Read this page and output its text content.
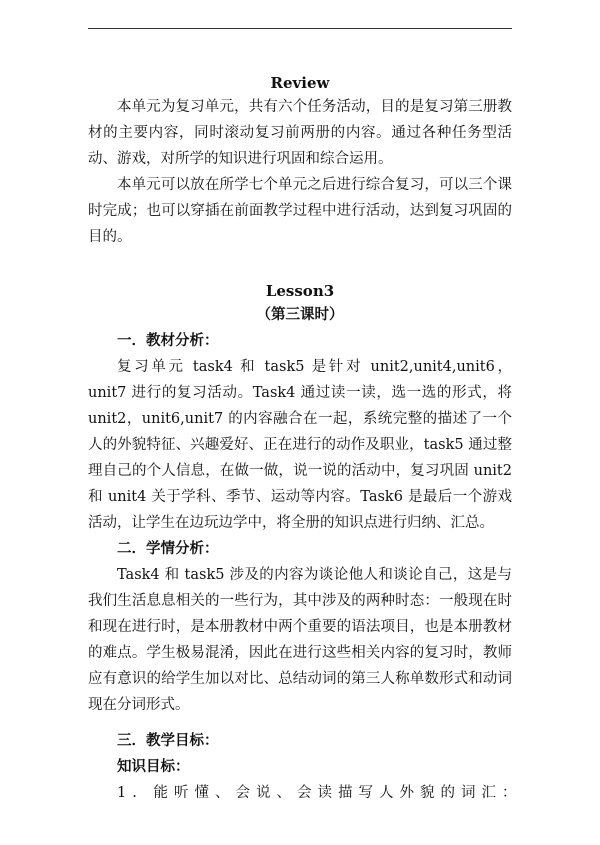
Review

本单元为复习单元，共有六个任务活动，目的是复习第三册教材的主要内容，同时滚动复习前两册的内容。通过各种任务型活动、游戏，对所学的知识进行巩固和综合运用。

本单元可以放在所学七个单元之后进行综合复习，可以三个课时完成；也可以穿插在前面教学过程中进行活动，达到复习巩固的目的。

Lesson3
（第三课时）

一．教材分析：

复习单元 task4 和 task5 是针对 unit2,unit4,unit6，unit7 进行的复习活动。Task4 通过读一读，选一选的形式，将 unit2，unit6,unit7 的内容融合在一起，系统完整的描述了一个人的外貌特征、兴趣爱好、正在进行的动作及职业，task5 通过整理自己的个人信息，在做一做，说一说的活动中，复习巩固 unit2 和 unit4 关于学科、季节、运动等内容。Task6 是最后一个游戏活动，让学生在边玩边学中，将全册的知识点进行归纳、汇总。

二．学情分析：

Task4 和 task5 涉及的内容为谈论他人和谈论自己，这是与我们生活息息相关的一些行为，其中涉及的两种时态：一般现在时和现在进行时，是本册教材中两个重要的语法项目，也是本册教材的难点。学生极易混淆，因此在进行这些相关内容的复习时，教师应有意识的给学生加以对比、总结动词的第三人称单数形式和动词现在分词形式。

三．教学目标：

知识目标：

1. 能听懂、会说、会读描写人外貌的词汇：
